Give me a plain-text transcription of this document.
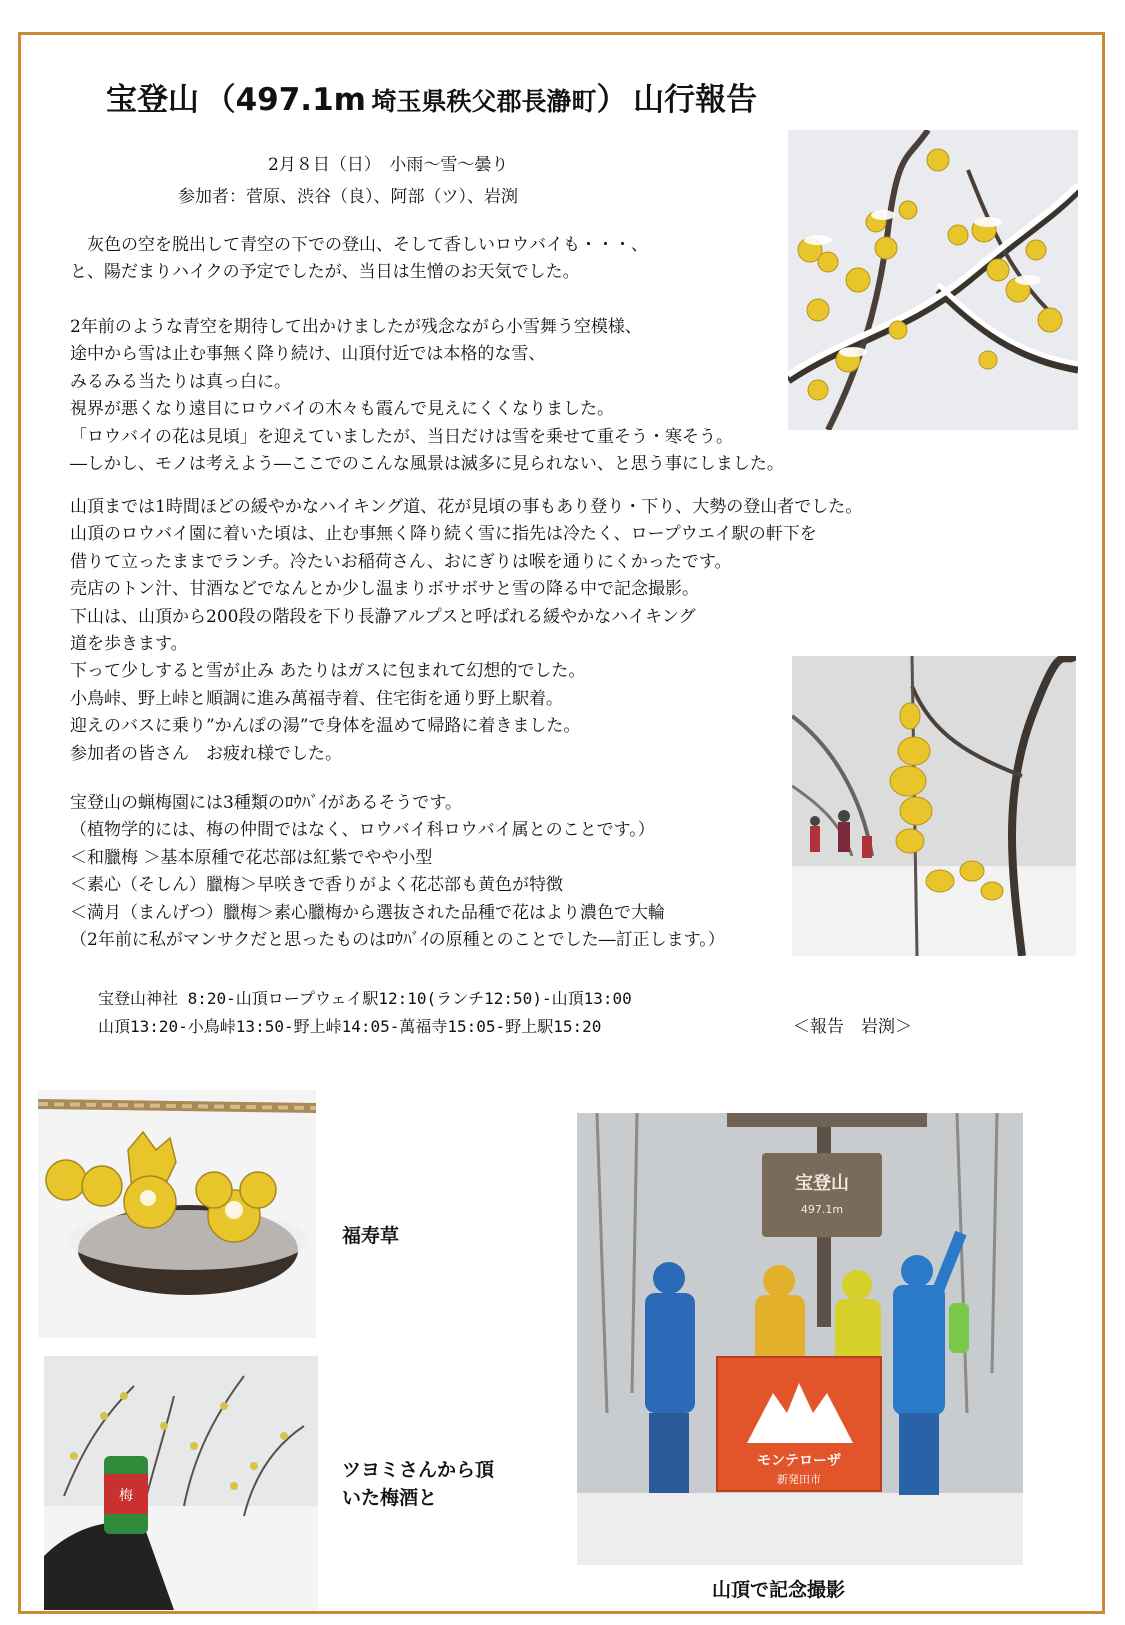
宝登山 （497.1m 埼玉県秩父郡長瀞町） 山行報告
2月８日（日）　小雨～雪～曇り
参加者：菅原、渋谷（良）、阿部（ツ）、岩渕
　灰色の空を脱出して青空の下での登山、そして香しいロウバイも・・・、
と、陽だまりハイクの予定でしたが、当日は生憎のお天気でした。
2年前のような青空を期待して出かけましたが残念ながら小雪舞う空模様、
途中から雪は止む事無く降り続け、山頂付近では本格的な雪、
みるみる当たりは真っ白に。
視界が悪くなり遠目にロウバイの木々も霞んで見えにくくなりました。
「ロウバイの花は見頃」を迎えていましたが、当日だけは雪を乗せて重そう・寒そう。
―しかし、モノは考えよう―ここでのこんな風景は滅多に見られない、と思う事にしました。
山頂までは1時間ほどの緩やかなハイキング道、花が見頃の事もあり登り・下り、大勢の登山者でした。
山頂のロウバイ園に着いた頃は、止む事無く降り続く雪に指先は冷たく、ロープウエイ駅の軒下を
借りて立ったままでランチ。冷たいお稲荷さん、おにぎりは喉を通りにくかったです。
売店のトン汁、甘酒などでなんとか少し温まりボサボサと雪の降る中で記念撮影。
下山は、山頂から200段の階段を下り長瀞アルプスと呼ばれる緩やかなハイキング
道を歩きます。
下って少しすると雪が止み あたりはガスに包まれて幻想的でした。
小鳥峠、野上峠と順調に進み萬福寺着、住宅街を通り野上駅着。
迎えのバスに乗り”かんぽの湯”で身体を温めて帰路に着きました。
参加者の皆さん　お疲れ様でした。
宝登山の蝋梅園には3種類のﾛｳﾊﾞｲがあるそうです。
（植物学的には、梅の仲間ではなく、ロウバイ科ロウバイ属とのことです。）
＜和臘梅 ＞基本原種で花芯部は紅紫でやや小型
＜素心（そしん）臘梅＞早咲きで香りがよく花芯部も黄色が特徴
＜満月（まんげつ）臘梅＞素心臘梅から選抜された品種で花はより濃色で大輪
（2年前に私がマンサクだと思ったものはﾛｳﾊﾞｲの原種とのことでした―訂正します。）
宝登山神社 8:20-山頂ロープウェイ駅12:10(ランチ12:50)-山頂13:00
山頂13:20-小鳥峠13:50-野上峠14:05-萬福寺15:05-野上駅15:20	＜報告　岩渕＞
梅
宝登山
497.1m
モンテローザ
新発田市
福寿草
ツヨミさんから頂
いた梅酒と
山頂で記念撮影
